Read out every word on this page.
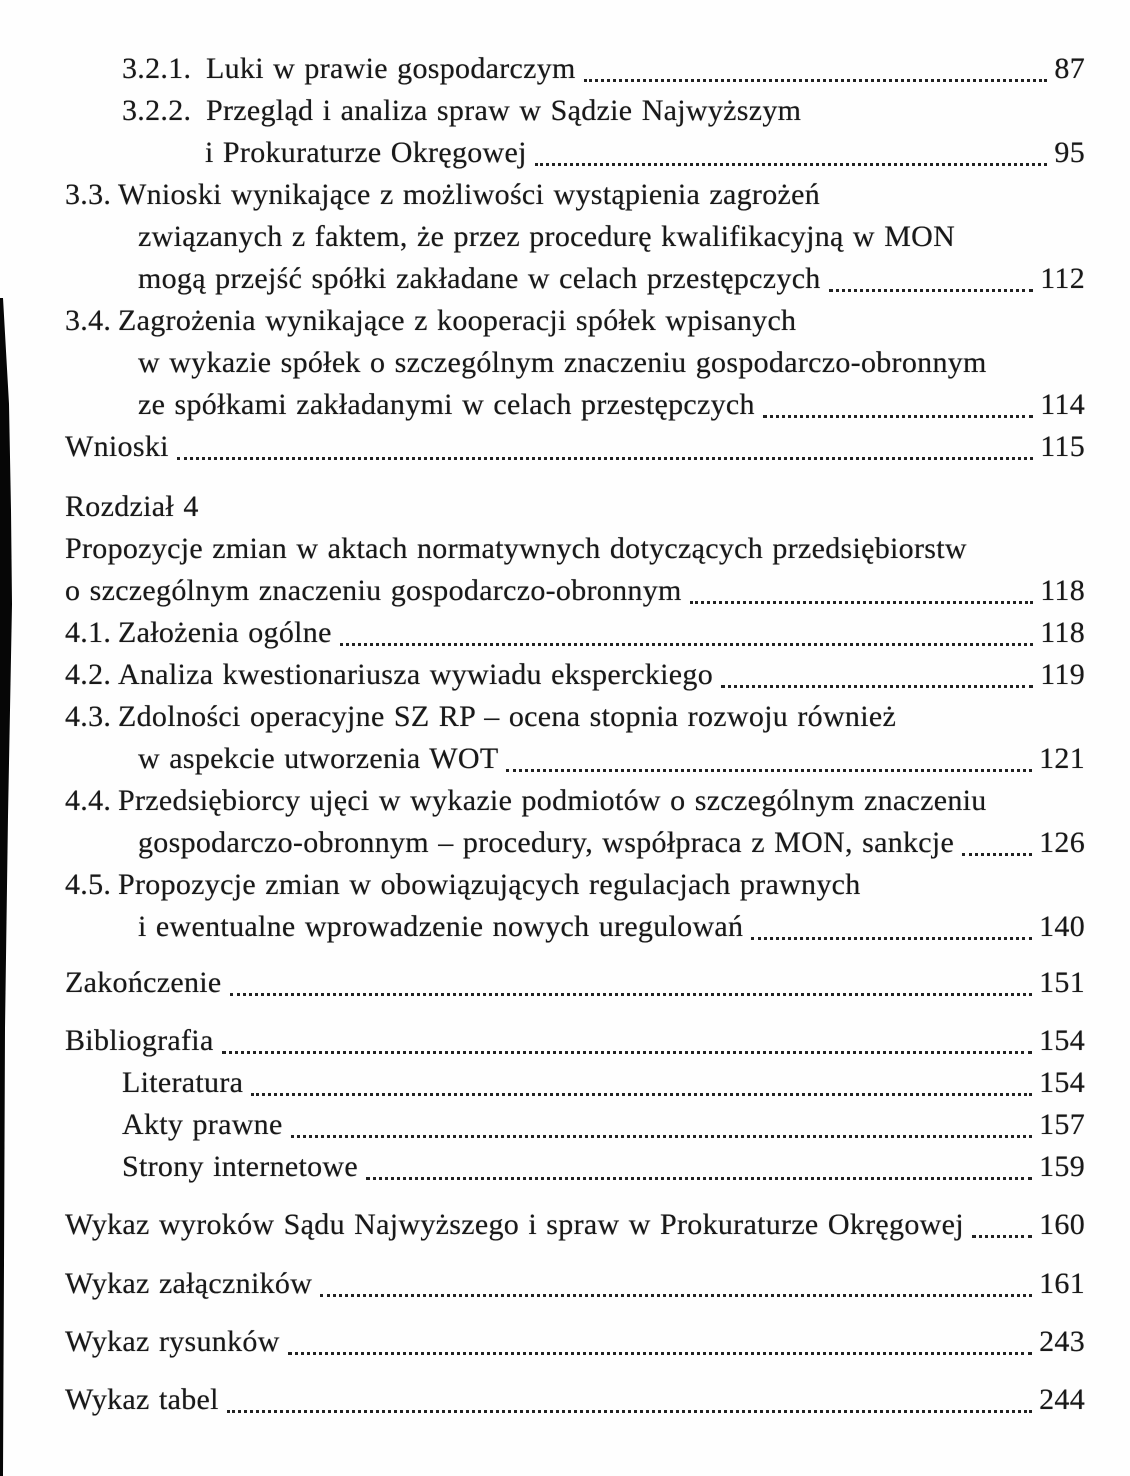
3.2.1. Luki w prawie gospodarczym	87
3.2.2. Przegląd i analiza spraw w Sądzie Najwyższym
i Prokuraturze Okręgowej	95
3.3. Wnioski wynikające z możliwości wystąpienia zagrożeń
związanych z faktem, że przez procedurę kwalifikacyjną w MON
mogą przejść spółki zakładane w celach przestępczych	112
3.4. Zagrożenia wynikające z kooperacji spółek wpisanych
w wykazie spółek o szczególnym znaczeniu gospodarczo-obronnym
ze spółkami zakładanymi w celach przestępczych	114
Wnioski	115
Rozdział 4
Propozycje zmian w aktach normatywnych dotyczących przedsiębiorstw
o szczególnym znaczeniu gospodarczo-obronnym	118
4.1. Założenia ogólne	118
4.2. Analiza kwestionariusza wywiadu eksperckiego	119
4.3. Zdolności operacyjne SZ RP – ocena stopnia rozwoju również
w aspekcie utworzenia WOT	121
4.4. Przedsiębiorcy ujęci w wykazie podmiotów o szczególnym znaczeniu
gospodarczo-obronnym – procedury, współpraca z MON, sankcje	126
4.5. Propozycje zmian w obowiązujących regulacjach prawnych
i ewentualne wprowadzenie nowych uregulowań	140
Zakończenie	151
Bibliografia	154
Literatura	154
Akty prawne	157
Strony internetowe	159
Wykaz wyroków Sądu Najwyższego i spraw w Prokuraturze Okręgowej	160
Wykaz załączników	161
Wykaz rysunków	243
Wykaz tabel	244
